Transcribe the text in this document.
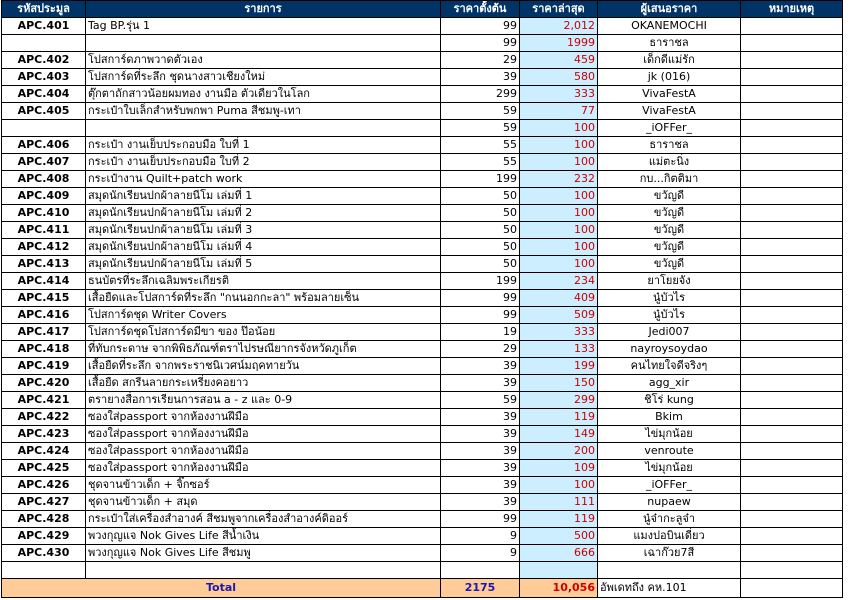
รหัสประมูล	รายการ	ราคาตั้งต้น	ราคาล่าสุด	ผู้เสนอราคา	หมายเหตุ
APC.401	Tag BP.รุ่น 1	99	2,012	OKANEMOCHI	
		99	1999	ธาราชล	
APC.402	โปสการ์ดภาพวาดตัวเอง	29	459	เด็กดีแม่รัก	
APC.403	โปสการ์ดที่ระลึก ชุดนางสาวเชียงใหม่	39	580	jk (016)	
APC.404	ตุ๊กตาถักสาวน้อยผมทอง งานมือ ตัวเดียวในโลก	299	333	VivaFestA	
APC.405	กระเป๋าใบเล็กสำหรับพกพา Puma สีชมพู-เทา	59	77	VivaFestA	
		59	100	_iOFFer_	
APC.406	กระเป๋า งานเย็บประกอบมือ ใบที่ 1	55	100	ธาราชล	
APC.407	กระเป๋า งานเย็บประกอบมือ ใบที่ 2	55	100	แม่ตะนิ่ง	
APC.408	กระเป๋างาน Quilt+patch work	199	232	กบ...กิตติมา	
APC.409	สมุดนักเรียนปกผ้าลายนีโม เล่มที่ 1	50	100	ขวัญดี	
APC.410	สมุดนักเรียนปกผ้าลายนีโม เล่มที่ 2	50	100	ขวัญดี	
APC.411	สมุดนักเรียนปกผ้าลายนีโม เล่มที่ 3	50	100	ขวัญดี	
APC.412	สมุดนักเรียนปกผ้าลายนีโม เล่มที่ 4	50	100	ขวัญดี	
APC.413	สมุดนักเรียนปกผ้าลายนีโม เล่มที่ 5	50	100	ขวัญดี	
APC.414	ธนบัตรที่ระลึกเฉลิมพระเกียรติ	199	234	ยาโยยจัง	
APC.415	เสื้อยืดและโปสการ์ดที่ระลึก "กนนอกกะลา" พร้อมลายเซ็น	99	409	นู๋บัวไร	
APC.416	โปสการ์ดชุด Writer Covers	99	509	นู๋บัวไร	
APC.417	โปสการ์ดชุดโปสการ์ดมีขา ของ ป๊อน้อย	19	333	Jedi007	
APC.418	ที่ทับกระดาษ จากพิพิธภัณฑ์ตราไปรษณียากรจังหวัดภูเก็ต	29	133	nayroysoydao	
APC.419	เสื้อยืดที่ระลึก จากพระราชนิเวศน์มฤคทายวัน	39	199	คนไทยใจดีจริงๆ	
APC.420	เสื้อยืด สกรีนลายกระเหรี่ยงคอยาว	39	150	agg_xir	
APC.421	ตรายางสื่อการเรียนการสอน a - z และ 0-9	59	299	ชิโร่ kung	
APC.422	ซองใส่passport จากห้องงานฝีมือ	39	119	Bkim	
APC.423	ซองใส่passport จากห้องงานฝีมือ	39	149	ไข่มุกน้อย	
APC.424	ซองใส่passport จากห้องงานฝีมือ	39	200	venroute	
APC.425	ซองใส่passport จากห้องงานฝีมือ	39	109	ไข่มุกน้อย	
APC.426	ชุดจานข้าวเด็ก + จิ๊กซอร์	39	100	_iOFFer_	
APC.427	ชุดจานข้าวเด็ก + สมุด	39	111	nupaew	
APC.428	กระเป๋าใส่เครื่องสำอางค์ สีชมพูจากเครื่องสำอางค์ดิออร์	99	119	นู๋จ๋ากะลูจ๋า	
APC.429	พวงกุญแจ Nok Gives Life สีน้ำเงิน	9	500	แมงปอบินเดี่ยว	
APC.430	พวงกุญแจ Nok Gives Life สีชมพู	9	666	เฉาก๊วย7สี	

Total		2175	10,056	อัพเดทถึง คห.101	
